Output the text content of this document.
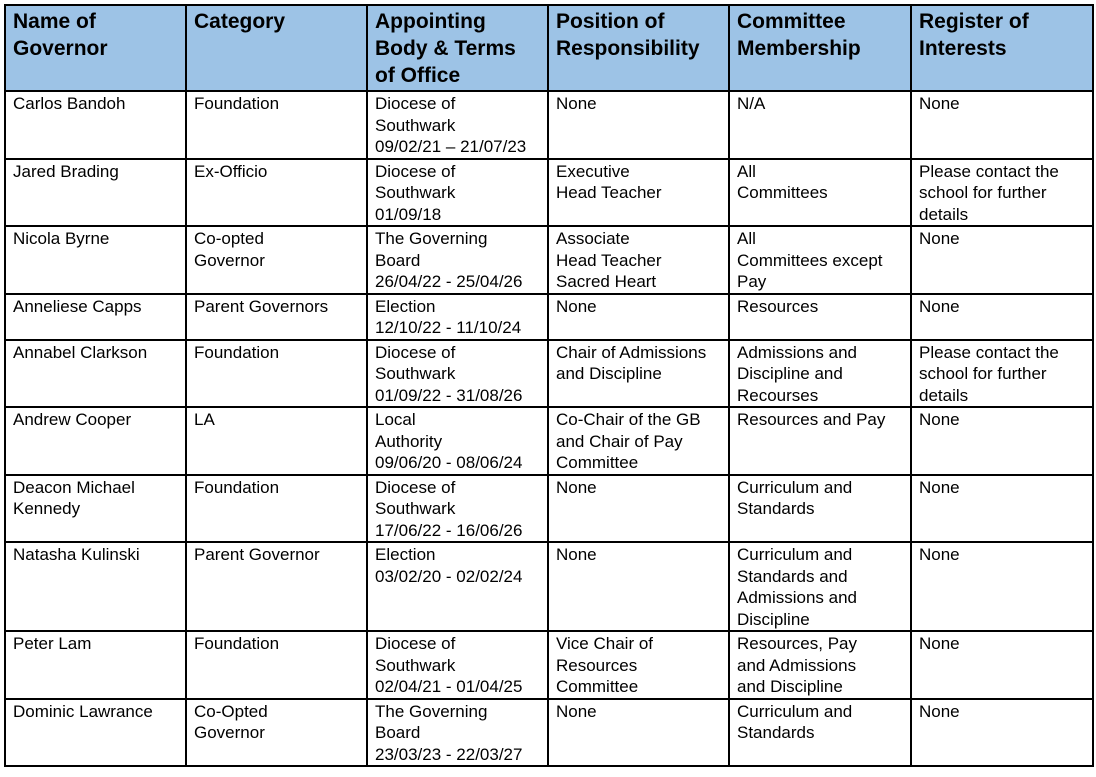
Name of
Governor	Category	Appointing
Body & Terms
of Office	Position of
Responsibility	Committee
Membership	Register of
Interests

Carlos Bandoh	Foundation	Diocese of
Southwark
09/02/21 – 21/07/23	None	N/A	None

Jared Brading	Ex-Officio	Diocese of
Southwark
01/09/18	Executive
Head Teacher	All
Committees	Please contact the
school for further
details

Nicola Byrne	Co-opted
Governor	The Governing
Board
26/04/22 - 25/04/26	Associate
Head Teacher
Sacred Heart	All
Committees except
Pay	None

Anneliese Capps	Parent Governors	Election
12/10/22 - 11/10/24	None	Resources	None

Annabel Clarkson	Foundation	Diocese of
Southwark
01/09/22 - 31/08/26	Chair of Admissions
and Discipline	Admissions and
Discipline and
Recourses	Please contact the
school for further
details

Andrew Cooper	LA	Local
Authority
09/06/20 - 08/06/24	Co-Chair of the GB
and Chair of Pay
Committee	Resources and Pay	None

Deacon Michael
Kennedy	Foundation	Diocese of
Southwark
17/06/22 - 16/06/26	None	Curriculum and
Standards	None

Natasha Kulinski	Parent Governor	Election
03/02/20 - 02/02/24	None	Curriculum and
Standards and
Admissions and
Discipline	None

Peter Lam	Foundation	Diocese of
Southwark
02/04/21 - 01/04/25	Vice Chair of
Resources
Committee	Resources, Pay
and Admissions
and Discipline	None

Dominic Lawrance	Co-Opted
Governor	The Governing
Board
23/03/23 - 22/03/27	None	Curriculum and
Standards	None
